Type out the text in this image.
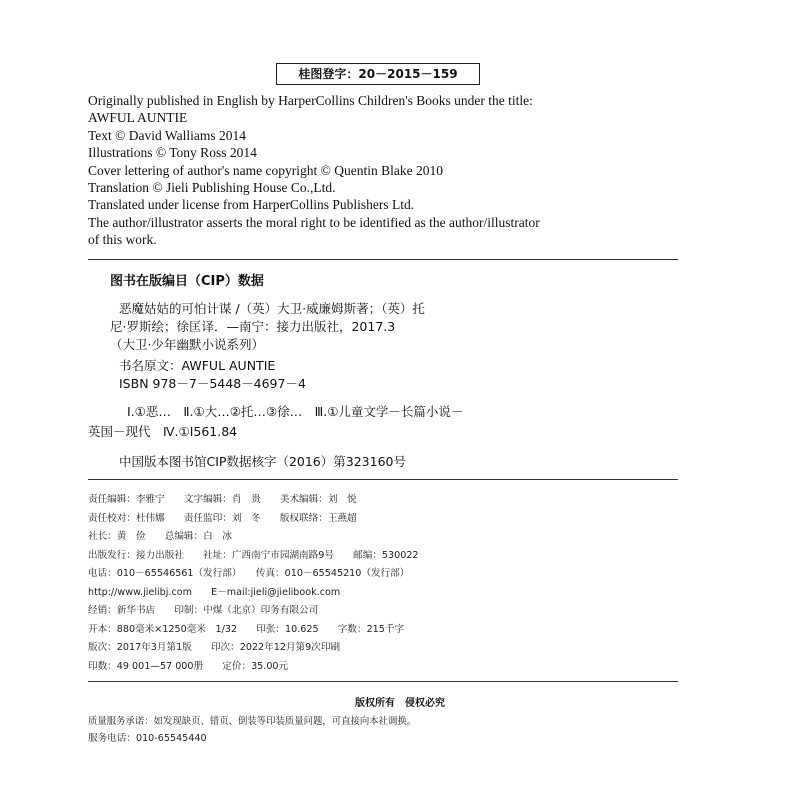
桂图登字：20－2015－159
Originally published in English by HarperCollins Children's Books under the title:
AWFUL AUNTIE
Text © David Walliams 2014
Illustrations © Tony Ross 2014
Cover lettering of author's name copyright © Quentin Blake 2010
Translation © Jieli Publishing House Co.,Ltd.
Translated under license from HarperCollins Publishers Ltd.
The author/illustrator asserts the moral right to be identified as the author/illustrator
of this work.
图书在版编目（CIP）数据
恶魔姑姑的可怕计谋 /（英）大卫·威廉姆斯著；（英）托
尼·罗斯绘；徐匡译．—南宁：接力出版社，2017.3
（大卫·少年幽默小说系列）
书名原文：AWFUL AUNTIE
ISBN 978－7－5448－4697－4
Ⅰ.①恶…　Ⅱ.①大…②托…③徐…　Ⅲ.①儿童文学－长篇小说－
英国－现代　Ⅳ.①I561.84
中国版本图书馆CIP数据核字（2016）第323160号
责任编辑：李雅宁　　文字编辑：肖　贵　　美术编辑：刘　悦
责任校对：杜伟娜　　责任监印：刘　冬　　版权联络：王燕超
社长：黄　俭　　总编辑：白　冰
出版发行：接力出版社　　社址：广西南宁市园湖南路9号　　邮编：530022
电话：010－65546561（发行部）　　传真：010－65545210（发行部）
http://www.jielibj.com　　E－mail:jieli@jielibook.com
经销：新华书店　　印制：中煤（北京）印务有限公司
开本：880毫米×1250毫米　1/32　　印张：10.625　　字数：215千字
版次：2017年3月第1版　　印次：2022年12月第9次印刷
印数：49 001—57 000册　　定价：35.00元
版权所有　侵权必究
质量服务承诺：如发现缺页、错页、倒装等印装质量问题，可直接向本社调换。
服务电话：010-65545440
